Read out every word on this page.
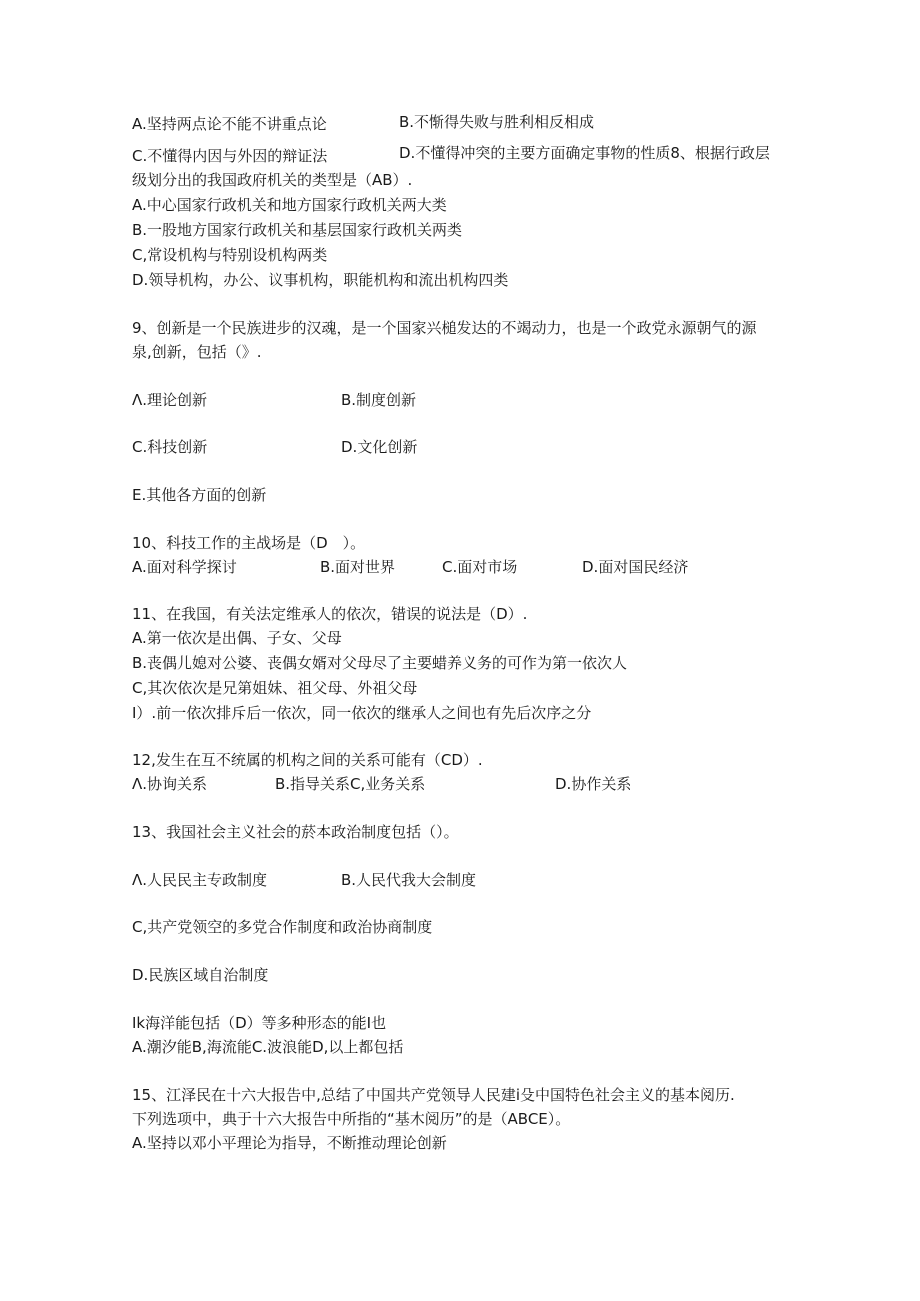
A.坚持两点论不能不讲重点论	B.不惭得失败与胜利相反相成
C.不懂得内因与外因的辩证法	D.不懂得冲突的主要方面确定事物的性质8、根据行政层
级划分出的我国政府机关的类型是（AB）.
A.中心国家行政机关和地方国家行政机关两大类
B.一股地方国家行政机关和基层国家行政机关两类
C,常设机构与特别设机构两类
D.领导机构，办公、议事机构，职能机构和流出机构四类
9、创新是一个民族进步的汉魂，是一个国家兴槌发达的不竭动力，也是一个政党永源朝气的源
泉,创新，包括（》.
Λ.理论创新	B.制度创新
C.科技创新	D.文化创新
E.其他各方面的创新
10、科技工作的主战场是（D　）。
A.面对科学探讨	B.面对世界	C.面对市场	D.面对国民经济
11、在我国，有关法定维承人的依次，错误的说法是（D）.
A.第一依次是出偶、子女、父母
B.丧偶儿媳对公婆、丧偶女婿对父母尽了主要蜡养义务的可作为第一依次人
C,其次依次是兄第姐妹、祖父母、外祖父母
I）.前一依次排斥后一依次，同一依次的继承人之间也有先后次序之分
12,发生在互不统属的机构之间的关系可能有（CD）.
Λ.协询关系	B.指导关系C,业务关系	D.协作关系
13、我国社会主义社会的菸本政治制度包括（）。
Λ.人民民主专政制度	B.人民代我大会制度
C,共产党领空的多党合作制度和政治协商制度
D.民族区域自治制度
Ik海洋能包括（D）等多种形态的能I也
A.潮汐能B,海流能C.波浪能D,以上都包括
15、江泽民在十六大报告中,总结了中国共产党领导人民建i殳中国特色社会主义的基本阅历.
下列选项中，典于十六大报告中所指的“基木阅历”的是（ABCE）。
A.坚持以邓小平理论为指导，不断推动理论创新
